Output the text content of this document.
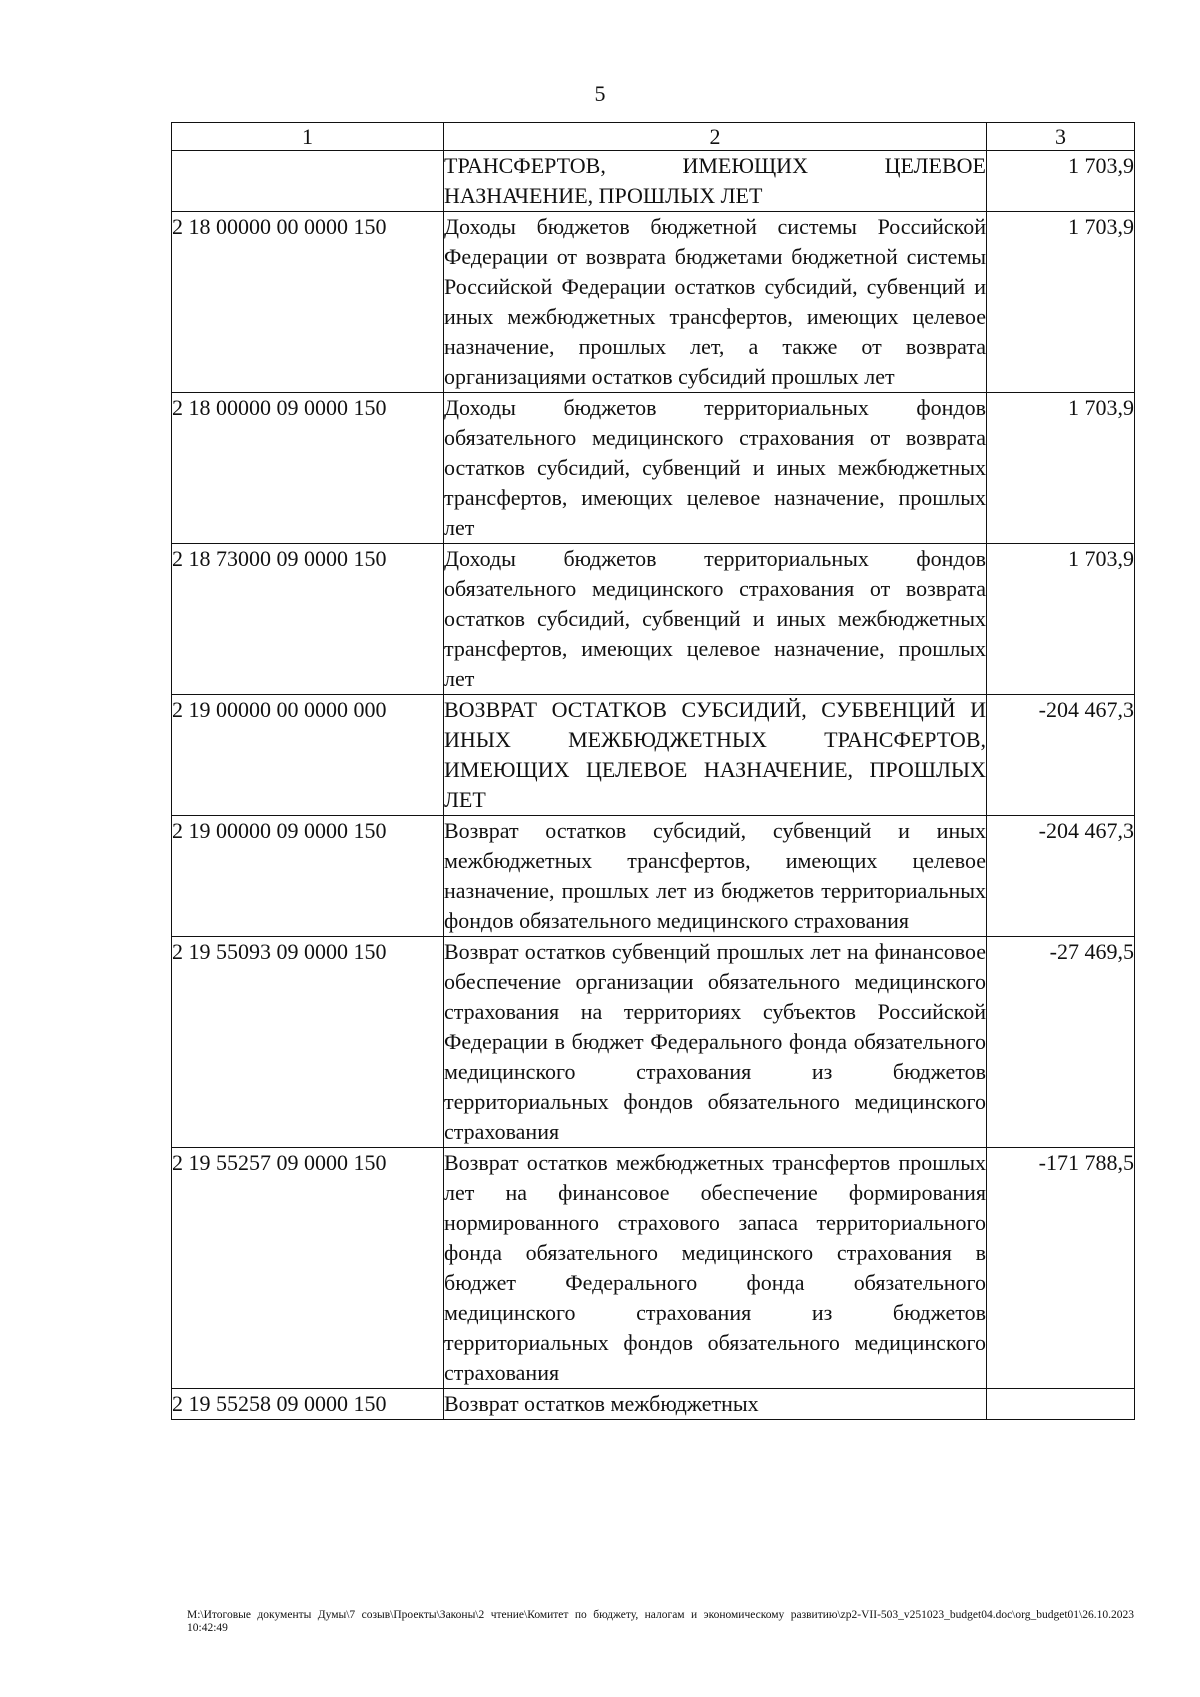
5
1	2	3
	ТРАНСФЕРТОВ, ИМЕЮЩИХ ЦЕЛЕВОЕ НАЗНАЧЕНИЕ, ПРОШЛЫХ ЛЕТ	1 703,9
2 18 00000 00 0000 150	Доходы бюджетов бюджетной системы Российской Федерации от возврата бюджетами бюджетной системы Российской Федерации остатков субсидий, субвенций и иных межбюджетных трансфертов, имеющих целевое назначение, прошлых лет, а также от возврата организациями остатков субсидий прошлых лет	1 703,9
2 18 00000 09 0000 150	Доходы бюджетов территориальных фондов обязательного медицинского страхования от возврата остатков субсидий, субвенций и иных межбюджетных трансфертов, имеющих целевое назначение, прошлых лет	1 703,9
2 18 73000 09 0000 150	Доходы бюджетов территориальных фондов обязательного медицинского страхования от возврата остатков субсидий, субвенций и иных межбюджетных трансфертов, имеющих целевое назначение, прошлых лет	1 703,9
2 19 00000 00 0000 000	ВОЗВРАТ ОСТАТКОВ СУБСИДИЙ, СУБВЕНЦИЙ И ИНЫХ МЕЖБЮДЖЕТНЫХ ТРАНСФЕРТОВ, ИМЕЮЩИХ ЦЕЛЕВОЕ НАЗНАЧЕНИЕ, ПРОШЛЫХ ЛЕТ	-204 467,3
2 19 00000 09 0000 150	Возврат остатков субсидий, субвенций и иных межбюджетных трансфертов, имеющих целевое назначение, прошлых лет из бюджетов территориальных фондов обязательного медицинского страхования	-204 467,3
2 19 55093 09 0000 150	Возврат остатков субвенций прошлых лет на финансовое обеспечение организации обязательного медицинского страхования на территориях субъектов Российской Федерации в бюджет Федерального фонда обязательного медицинского страхования из бюджетов территориальных фондов обязательного медицинского страхования	-27 469,5
2 19 55257 09 0000 150	Возврат остатков межбюджетных трансфертов прошлых лет на финансовое обеспечение формирования нормированного страхового запаса территориального фонда обязательного медицинского страхования в бюджет Федерального фонда обязательного медицинского страхования из бюджетов территориальных фондов обязательного медицинского страхования	-171 788,5
2 19 55258 09 0000 150	Возврат остатков межбюджетных	
M:\Итоговые документы Думы\7 созыв\Проекты\Законы\2 чтение\Комитет по бюджету, налогам и экономическому развитию\zp2-VII-503_v251023_budget04.doc\org_budget01\26.10.2023 10:42:49
